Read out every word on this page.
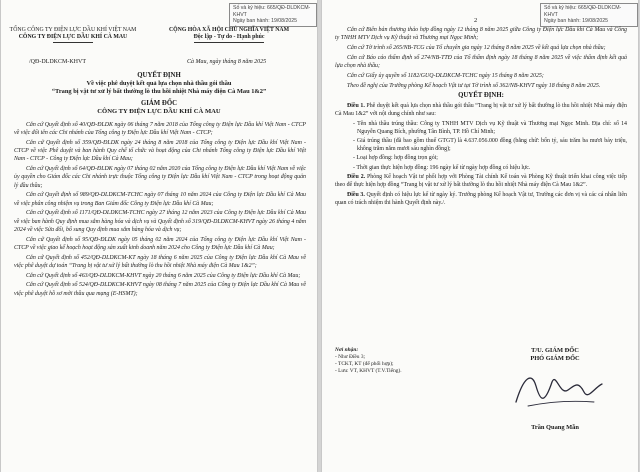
Số và ký hiệu: 665/QĐ-DLDKCM-KHVT
Ngày ban hành: 19/08/2025
TỔNG CÔNG TY ĐIỆN LỰC DẦU KHÍ VIỆT NAM
CÔNG TY ĐIỆN LỰC DẦU KHÍ CÀ MAU
CỘNG HÒA XÃ HỘI CHỦ NGHĨA VIỆT NAM
Độc lập - Tự do - Hạnh phúc
/QĐ-DLDKCM-KHVT	Cà Mau, ngày tháng 8 năm 2025
QUYẾT ĐỊNH
Về việc phê duyệt kết quả lựa chọn nhà thầu gói thầu
“Trang bị vật tư xử lý bất thường lò thu hồi nhiệt Nhà máy điện Cà Mau 1&2”
GIÁM ĐỐC
CÔNG TY ĐIỆN LỰC DẦU KHÍ CÀ MAU

Căn cứ Quyết định số 40/QĐ-ĐLDK ngày 06 tháng 7 năm 2018 của Tổng công ty Điện lực Dầu khí Việt Nam - CTCP về việc đổi tên các Chi nhánh của Tổng công ty Điện lực Dầu khí Việt Nam - CTCP;

Căn cứ Quyết định số 359/QĐ-ĐLDK ngày 24 tháng 8 năm 2018 của Tổng công ty Điện lực Dầu khí Việt Nam - CTCP về việc Phê duyệt và ban hành Quy chế tổ chức và hoạt động của Chi nhánh Tổng công ty Điện lực Dầu khí Việt Nam - CTCP - Công ty Điện lực Dầu khí Cà Mau;

Căn cứ Quyết định số 64/QĐ-ĐLDK ngày 07 tháng 02 năm 2020 của Tổng công ty Điện lực Dầu khí Việt Nam về việc ủy quyền cho Giám đốc các Chi nhánh trực thuộc Tổng công ty Điện lực Dầu khí Việt Nam - CTCP trong hoạt động quản lý đầu thầu;

Căn cứ Quyết định số 989/QĐ-DLDKCM-TCHC ngày 07 tháng 10 năm 2024 của Công ty Điện lực Dầu khí Cà Mau về việc phân công nhiệm vụ trong Ban Giám đốc Công ty Điện lực Dầu khí Cà Mau;

Căn cứ Quyết định số 1171/QĐ-DLDKCM-TCHC ngày 27 tháng 12 năm 2023 của Công ty Điện lực Dầu khí Cà Mau về việc ban hành Quy định mua sắm hàng hóa và dịch vụ và Quyết định số 319/QĐ-DLDKCM-KHVT ngày 26 tháng 4 năm 2024 về việc Sửa đổi, bổ sung Quy định mua sắm hàng hóa và dịch vụ;

Căn cứ Quyết định số 95/QĐ-ĐLDK ngày 05 tháng 02 năm 2024 của Tổng công ty Điện lực Dầu khí Việt Nam - CTCP về việc giao kế hoạch hoạt động sản xuất kinh doanh năm 2024 cho Công ty Điện lực Dầu khí Cà Mau;

Căn cứ Quyết định số 452/QĐ-DLDKCM-KT ngày 18 tháng 6 năm 2025 của Công ty Điện lực Dầu khí Cà Mau về việc phê duyệt dự toán “Trang bị vật tư xử lý bất thường lò thu hồi nhiệt Nhà máy điện Cà Mau 1&2”;

Căn cứ Quyết định số 463/QĐ-DLDKCM-KHVT ngày 20 tháng 6 năm 2025 của Công ty Điện lực Dầu khí Cà Mau;

Căn cứ Quyết định số 524/QĐ-DLDKCM-KHVT ngày 08 tháng 7 năm 2025 của Công ty Điện lực Dầu khí Cà Mau về việc phê duyệt hồ sơ mời thầu qua mạng (E-HSMT);

Số và ký hiệu: 665/QĐ-DLDKCM-KHVT
Ngày ban hành: 19/08/2025
2

Căn cứ Biên bản thương thảo hợp đồng ngày 12 tháng 8 năm 2025 giữa Công ty Điện lực Dầu khí Cà Mau và Công ty TNHH MTV Dịch vụ Kỹ thuật và Thương mại Ngọc Minh;

Căn cứ Tờ trình số 265/NB-TCG của Tổ chuyên gia ngày 12 tháng 8 năm 2025 về kết quả lựa chọn nhà thầu;

Căn cứ Báo cáo thẩm định số 274/NB-TTĐ của Tổ thẩm định ngày 18 tháng 8 năm 2025 về việc thẩm định kết quả lựa chọn nhà thầu;

Căn cứ Giấy ủy quyền số 1182/GUQ-DLDKCM-TCHC ngày 15 tháng 8 năm 2025;

Theo đề nghị của Trưởng phòng Kế hoạch Vật tư tại Tờ trình số 362/NB-KHVT ngày 18 tháng 8 năm 2025.

QUYẾT ĐỊNH:

Điều 1. Phê duyệt kết quả lựa chọn nhà thầu gói thầu “Trang bị vật tư xử lý bất thường lò thu hồi nhiệt Nhà máy điện Cà Mau 1&2” với nội dung chính như sau:

- Tên nhà thầu trúng thầu: Công ty TNHH MTV Dịch vụ Kỹ thuật và Thương mại Ngọc Minh. Địa chỉ: số 14 Nguyễn Quang Bích, phường Tân Bình, TP. Hồ Chí Minh;
- Giá trúng thầu (đã bao gồm thuế GTGT) là 4.637.056.000 đồng (bằng chữ: bốn tỷ, sáu trăm ba mươi bảy triệu, không trăm năm mươi sáu nghìn đồng);
- Loại hợp đồng: hợp đồng trọn gói;
- Thời gian thực hiện hợp đồng: 196 ngày kể từ ngày hợp đồng có hiệu lực.

Điều 2. Phòng Kế hoạch Vật tư phối hợp với Phòng Tài chính Kế toán và Phòng Kỹ thuật triển khai công việc tiếp theo để thực hiện hợp đồng “Trang bị vật tư xử lý bất thường lò thu hồi nhiệt Nhà máy điện Cà Mau 1&2”.

Điều 3. Quyết định có hiệu lực kể từ ngày ký. Trưởng phòng Kế hoạch Vật tư, Trưởng các đơn vị và các cá nhân liên quan có trách nhiệm thi hành Quyết định này./.

Nơi nhận:
- Như Điều 3;
- TCKT, KT (để phối hợp);
- Lưu: VT, KHVT (T.V.Tiếng).
T/U. GIÁM ĐỐC
PHÓ GIÁM ĐỐC
Trần Quang Mẫn
